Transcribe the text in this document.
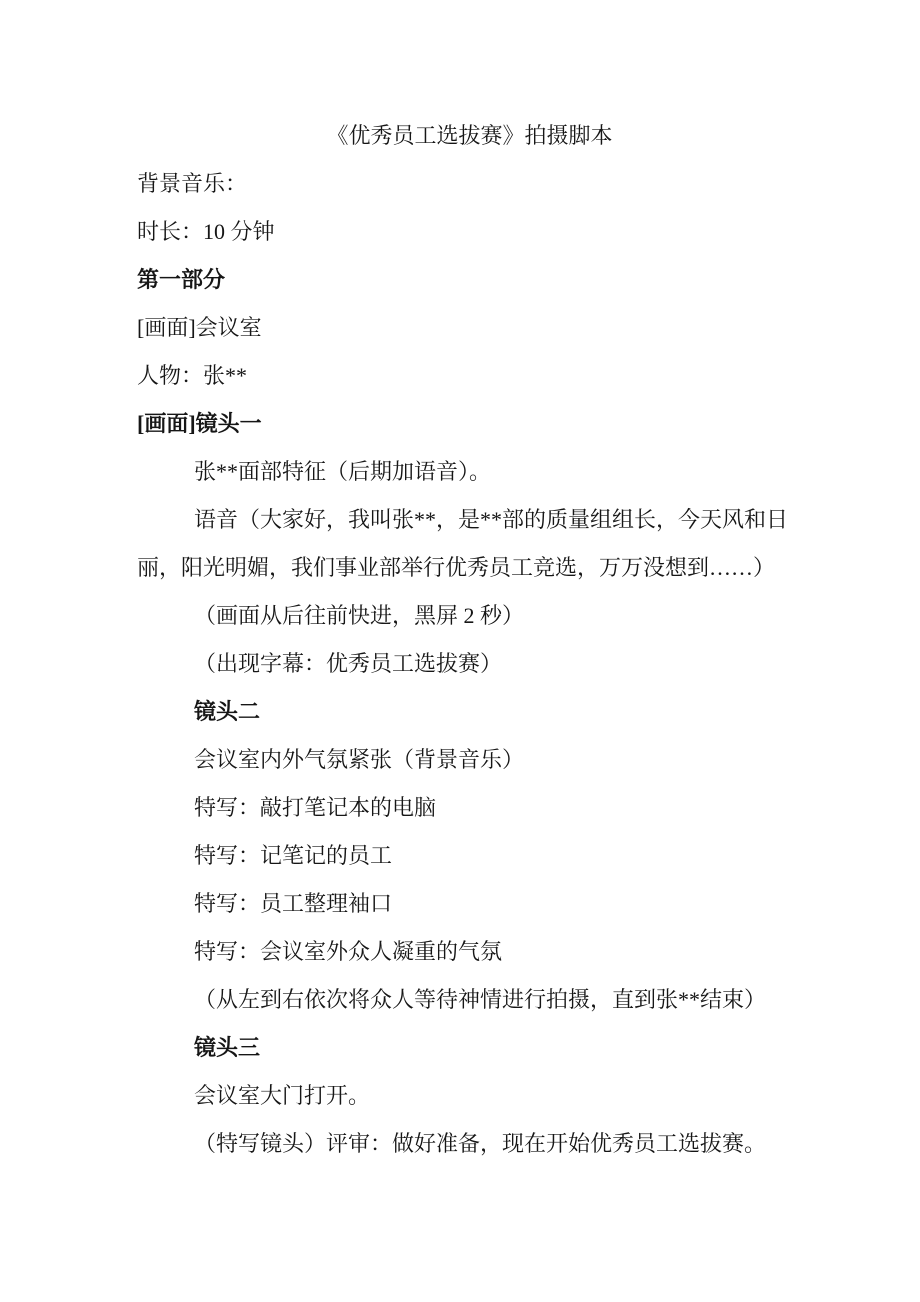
《优秀员工选拔赛》拍摄脚本

背景音乐：

时长：10 分钟

第一部分

[画面]会议室

人物：张**

[画面]镜头一

张**面部特征（后期加语音）。

语音（大家好，我叫张**，是**部的质量组组长，今天风和日

丽，阳光明媚，我们事业部举行优秀员工竞选，万万没想到……）

（画面从后往前快进，黑屏 2 秒）

（出现字幕：优秀员工选拔赛）

镜头二

会议室内外气氛紧张（背景音乐）

特写：敲打笔记本的电脑

特写：记笔记的员工

特写：员工整理袖口

特写：会议室外众人凝重的气氛

（从左到右依次将众人等待神情进行拍摄，直到张**结束）

镜头三

会议室大门打开。

（特写镜头）评审：做好准备，现在开始优秀员工选拔赛。
